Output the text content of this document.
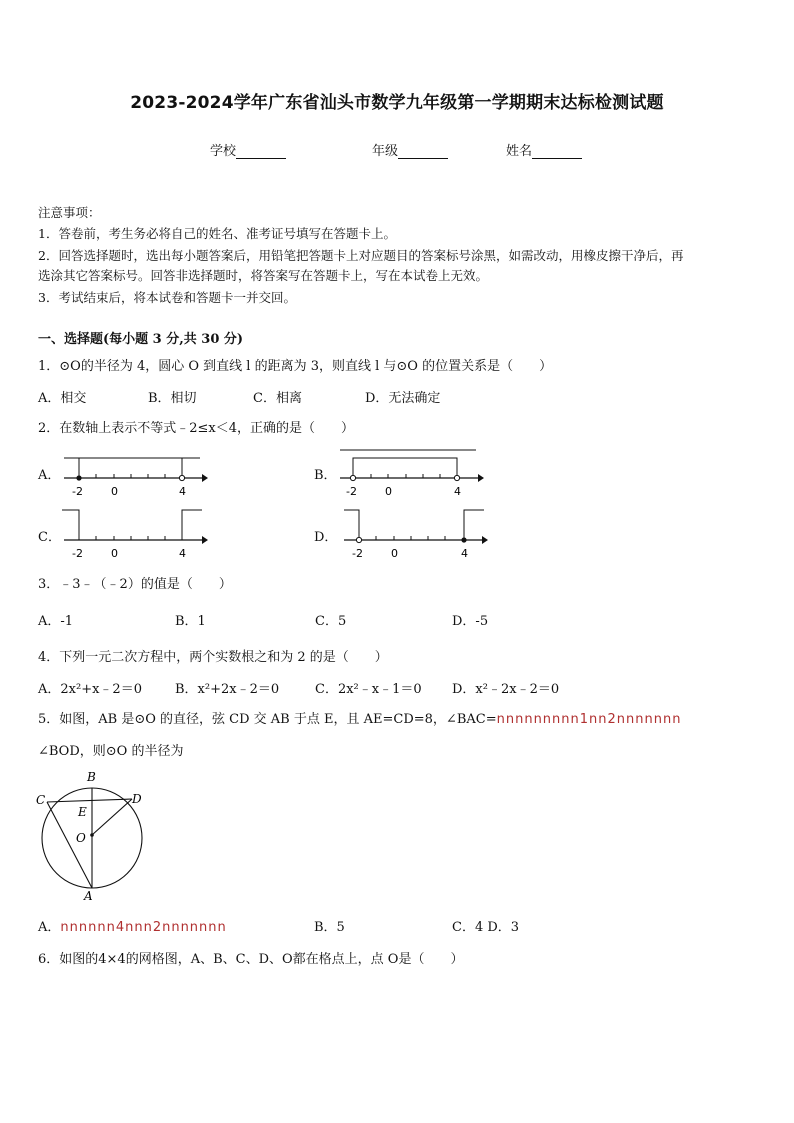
2023-2024学年广东省汕头市数学九年级第一学期期末达标检测试题
学校	年级	姓名
注意事项：
1．答卷前，考生务必将自己的姓名、准考证号填写在答题卡上。
2．回答选择题时，选出每小题答案后，用铅笔把答题卡上对应题目的答案标号涂黑，如需改动，用橡皮擦干净后，再
选涂其它答案标号。回答非选择题时，将答案写在答题卡上，写在本试卷上无效。
3．考试结束后，将本试卷和答题卡一并交回。
一、选择题(每小题 3 分,共 30 分)
1．⊙O的半径为 4，圆心 O 到直线 l 的距离为 3，则直线 l 与⊙O 的位置关系是（　　）
A．相交	B．相切	C．相离	D．无法确定
2．在数轴上表示不等式﹣2≤x＜4，正确的是（　　）
A．	B．
C．	D．
-2	0	4	-2	0	4
-2	0	4	-2	0	4
3．﹣3﹣（﹣2）的值是（　　）
A．-1	B．1	C．5	D．-5
4．下列一元二次方程中，两个实数根之和为 2 的是（　　）
A．2x²+x﹣2＝0	B．x²+2x﹣2＝0	C．2x²﹣x﹣1＝0 D．x²﹣2x﹣2＝0
5．如图，AB 是⊙O 的直径，弦 CD 交 AB 于点 E，且 AE=CD=8，∠BAC=nnnnnnnnn1nn2nnnnnnn
∠BOD，则⊙O 的半径为
B
C	D
E
O
A
A．nnnnnn4nnn2nnnnnnn	B．5	C．4 D．3
6．如图的4×4的网格图，A、B、C、D、O都在格点上，点 O是（　　）
